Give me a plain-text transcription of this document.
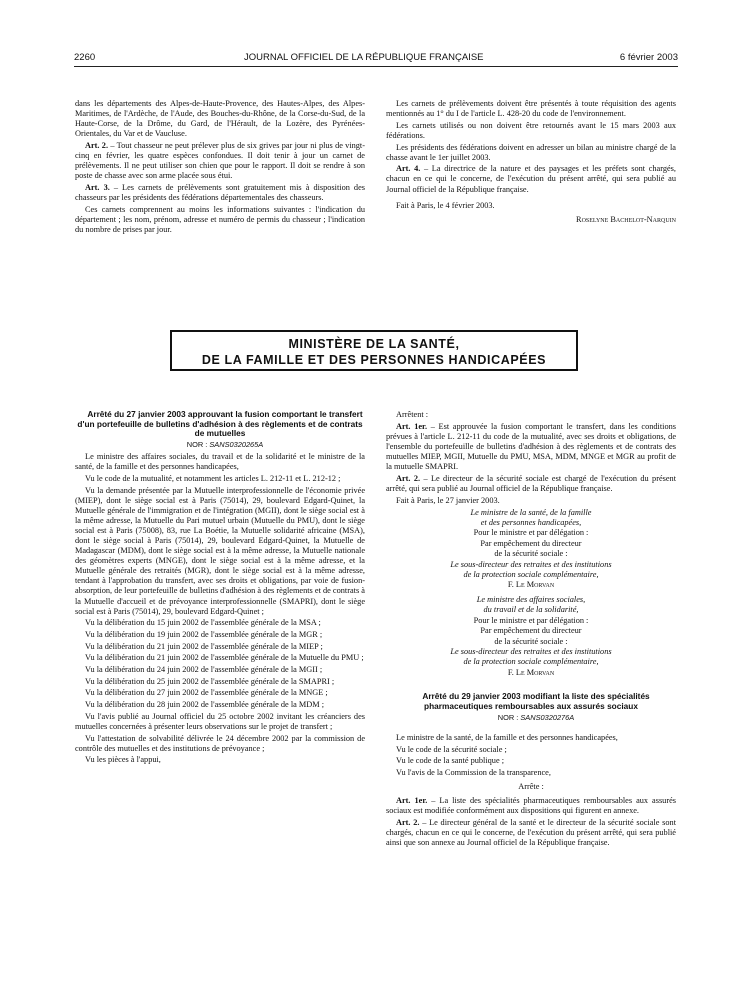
2260	JOURNAL OFFICIEL DE LA RÉPUBLIQUE FRANÇAISE	6 février 2003

dans les départements des Alpes-de-Haute-Provence, des Hautes-Alpes, des Alpes-Maritimes, de l'Ardèche, de l'Aude, des Bouches-du-Rhône, de la Corse-du-Sud, de la Haute-Corse, de la Drôme, du Gard, de l'Hérault, de la Lozère, des Pyrénées-Orientales, du Var et de Vaucluse.

Art. 2. – Tout chasseur ne peut prélever plus de six grives par jour ni plus de vingt-cinq en février, les quatre espèces confondues. Il doit tenir à jour un carnet de prélèvements. Il ne peut utiliser son chien que pour le rapport. Il doit se rendre à son poste de chasse avec son arme placée sous étui.

Art. 3. – Les carnets de prélèvements sont gratuitement mis à disposition des chasseurs par les présidents des fédérations départementales des chasseurs.

Ces carnets comprennent au moins les informations suivantes : l'indication du département ; les nom, prénom, adresse et numéro de permis du chasseur ; l'indication du nombre de prises par jour.

Les carnets de prélèvements doivent être présentés à toute réquisition des agents mentionnés au 1° du I de l'article L. 428-20 du code de l'environnement.

Les carnets utilisés ou non doivent être retournés avant le 15 mars 2003 aux fédérations.

Les présidents des fédérations doivent en adresser un bilan au ministre chargé de la chasse avant le 1er juillet 2003.

Art. 4. – La directrice de la nature et des paysages et les préfets sont chargés, chacun en ce qui le concerne, de l'exécution du présent arrêté, qui sera publié au Journal officiel de la République française.

Fait à Paris, le 4 février 2003.

Roselyne Bachelot-Narquin

MINISTÈRE DE LA SANTÉ,
DE LA FAMILLE ET DES PERSONNES HANDICAPÉES

Arrêté du 27 janvier 2003 approuvant la fusion comportant le transfert d'un portefeuille de bulletins d'adhésion à des règlements et de contrats de mutuelles

NOR : SANS0320265A

Le ministre des affaires sociales, du travail et de la solidarité et le ministre de la santé, de la famille et des personnes handicapées,

Vu le code de la mutualité, et notamment les articles L. 212-11 et L. 212-12 ;

Vu la demande présentée par la Mutuelle interprofessionnelle de l'économie privée (MIEP), dont le siège social est à Paris (75014), 29, boulevard Edgard-Quinet, la Mutuelle générale de l'immigration et de l'intégration (MGII), dont le siège social est à la même adresse, la Mutuelle du Pari mutuel urbain (Mutuelle du PMU), dont le siège social est à Paris (75008), 83, rue La Boétie, la Mutuelle solidarité africaine (MSA), dont le siège social à Paris (75014), 29, boulevard Edgard-Quinet, la Mutuelle de Madagascar (MDM), dont le siège social est à la même adresse, la Mutuelle nationale des géomètres experts (MNGE), dont le siège social est à la même adresse, et la Mutuelle générale des retraités (MGR), dont le siège social est à la même adresse, tendant à l'approbation du transfert, avec ses droits et obligations, par voie de fusion-absorption, de leur portefeuille de bulletins d'adhésion à des règlements et de contrats à la Mutuelle d'accueil et de prévoyance interprofessionnelle (SMAPRI), dont le siège social est à Paris (75014), 29, boulevard Edgard-Quinet ;

Vu la délibération du 15 juin 2002 de l'assemblée générale de la MSA ;

Vu la délibération du 19 juin 2002 de l'assemblée générale de la MGR ;

Vu la délibération du 21 juin 2002 de l'assemblée générale de la MIEP ;

Vu la délibération du 21 juin 2002 de l'assemblée générale de la Mutuelle du PMU ;

Vu la délibération du 24 juin 2002 de l'assemblée générale de la MGII ;

Vu la délibération du 25 juin 2002 de l'assemblée générale de la SMAPRI ;

Vu la délibération du 27 juin 2002 de l'assemblée générale de la MNGE ;

Vu la délibération du 28 juin 2002 de l'assemblée générale de la MDM ;

Vu l'avis publié au Journal officiel du 25 octobre 2002 invitant les créanciers des mutuelles concernées à présenter leurs observations sur le projet de transfert ;

Vu l'attestation de solvabilité délivrée le 24 décembre 2002 par la commission de contrôle des mutuelles et des institutions de prévoyance ;

Vu les pièces à l'appui,

Arrêtent :

Art. 1er. – Est approuvée la fusion comportant le transfert, dans les conditions prévues à l'article L. 212-11 du code de la mutualité, avec ses droits et obligations, de l'ensemble du portefeuille de bulletins d'adhésion à des règlements et de contrats des mutuelles MIEP, MGII, Mutuelle du PMU, MSA, MDM, MNGE et MGR au profit de la mutuelle SMAPRI.

Art. 2. – Le directeur de la sécurité sociale est chargé de l'exécution du présent arrêté, qui sera publié au Journal officiel de la République française.

Fait à Paris, le 27 janvier 2003.

Le ministre de la santé, de la famille

et des personnes handicapées,

Pour le ministre et par délégation :

Par empêchement du directeur

de la sécurité sociale :

Le sous-directeur des retraites et des institutions

de la protection sociale complémentaire,

F. Le Morvan

Le ministre des affaires sociales,

du travail et de la solidarité,

Pour le ministre et par délégation :

Par empêchement du directeur

de la sécurité sociale :

Le sous-directeur des retraites et des institutions

de la protection sociale complémentaire,

F. Le Morvan

Arrêté du 29 janvier 2003 modifiant la liste des spécialités pharmaceutiques remboursables aux assurés sociaux

NOR : SANS0320276A

Le ministre de la santé, de la famille et des personnes handicapées,

Vu le code de la sécurité sociale ;

Vu le code de la santé publique ;

Vu l'avis de la Commission de la transparence,

Arrête :

Art. 1er. – La liste des spécialités pharmaceutiques remboursables aux assurés sociaux est modifiée conformément aux dispositions qui figurent en annexe.

Art. 2. – Le directeur général de la santé et le directeur de la sécurité sociale sont chargés, chacun en ce qui le concerne, de l'exécution du présent arrêté, qui sera publié ainsi que son annexe au Journal officiel de la République française.
